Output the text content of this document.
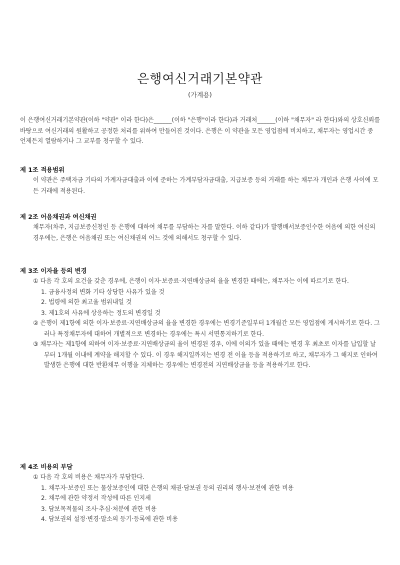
은행여신거래기본약관
(가계용)

이 은행여신거래기본약관(이하 "약관" 이라 한다)은______(이하 "은행"이라 한다)과 거래처______(이하 "채무자" 라 한다)와의 상호신뢰를 바탕으로 여신거래의 원활하고 공정한 처리를 위하여 만들어진 것이다. 은행은 이 약관을 모든 영업점에 비치하고, 채무자는 영업시간 중 언제든지 열람하거나 그 교부를 청구할 수 있다.

제 1조 적용범위

이 약관은 주택자금 기타의 가계자금대출과 이에 준하는 가계부담자금대출, 지급보증 등의 거래를 하는 채무자 개인과 은행 사이에 모든 거래에 적용된다.

제 2조 어음채권과 여신채권

채무자(차주, 지급보증신청인 등 은행에 대하여 채무를 부담하는 자를 말한다. 이하 같다)가 발행배서보증인수한 어음에 의한 여신의 경우에는, 은행은 어음채권 또는 여신채권의 어느 것에 의해서도 청구할 수 있다.

제 3조 이자율 등의 변경

① 다음 각 호의 요건을 갖춘 경우에, 은행이 이자·보증료·지연배상금의 율을 변경한 때에는, 채무자는 이에 따르기로 한다.

1. 금융사정의 변화 기타 상당한 사유가 있을 것

2. 법령에 의한 최고율 범위내일 것

3. 제1호의 사유에 상응하는 정도의 변경일 것

② 은행이 제1항에 의한 이자·보증료·지연배상금의 율을 변경한 경우에는 변경기준일부터 1개월간 모든 영업점에 게시하기로 한다. 그러나 특정채무자에 대하여 개별적으로 변경하는 경우에는 특시 서면통지하기로 한다.

③ 채무자는 제1항에 의하여 이자·보증료·지연배상금의 율이 변경된 경우, 이에 이의가 있을 때에는 변경 후 최초로 이자를 납입할 날부터 1개월 이내에 계약을 해지할 수 있다. 이 경우 해지일까지는 변경 전 이율 등을 적용하기로 하고, 채무자가 그 해지로 인하여 발생한 은행에 대한 반환채무 이행을 지체하는 경우에는 변경전의 지연배상금율 등을 적용하기로 한다.

제 4조 비용의 부담

① 다음 각 호의 비용은 채무자가 부담한다.

1. 채무자·보증인 또는 물상보증인에 대한 은행의 채권·담보권 등의 권리의 행사·보전에 관한 비용

2. 채무에 관한 약정서 작성에 따른 인지세

3. 담보목적물의 조사·추심·처분에 관한 비용

4. 담보권의 설정·변경·말소의 등기·등록에 관한 비용
